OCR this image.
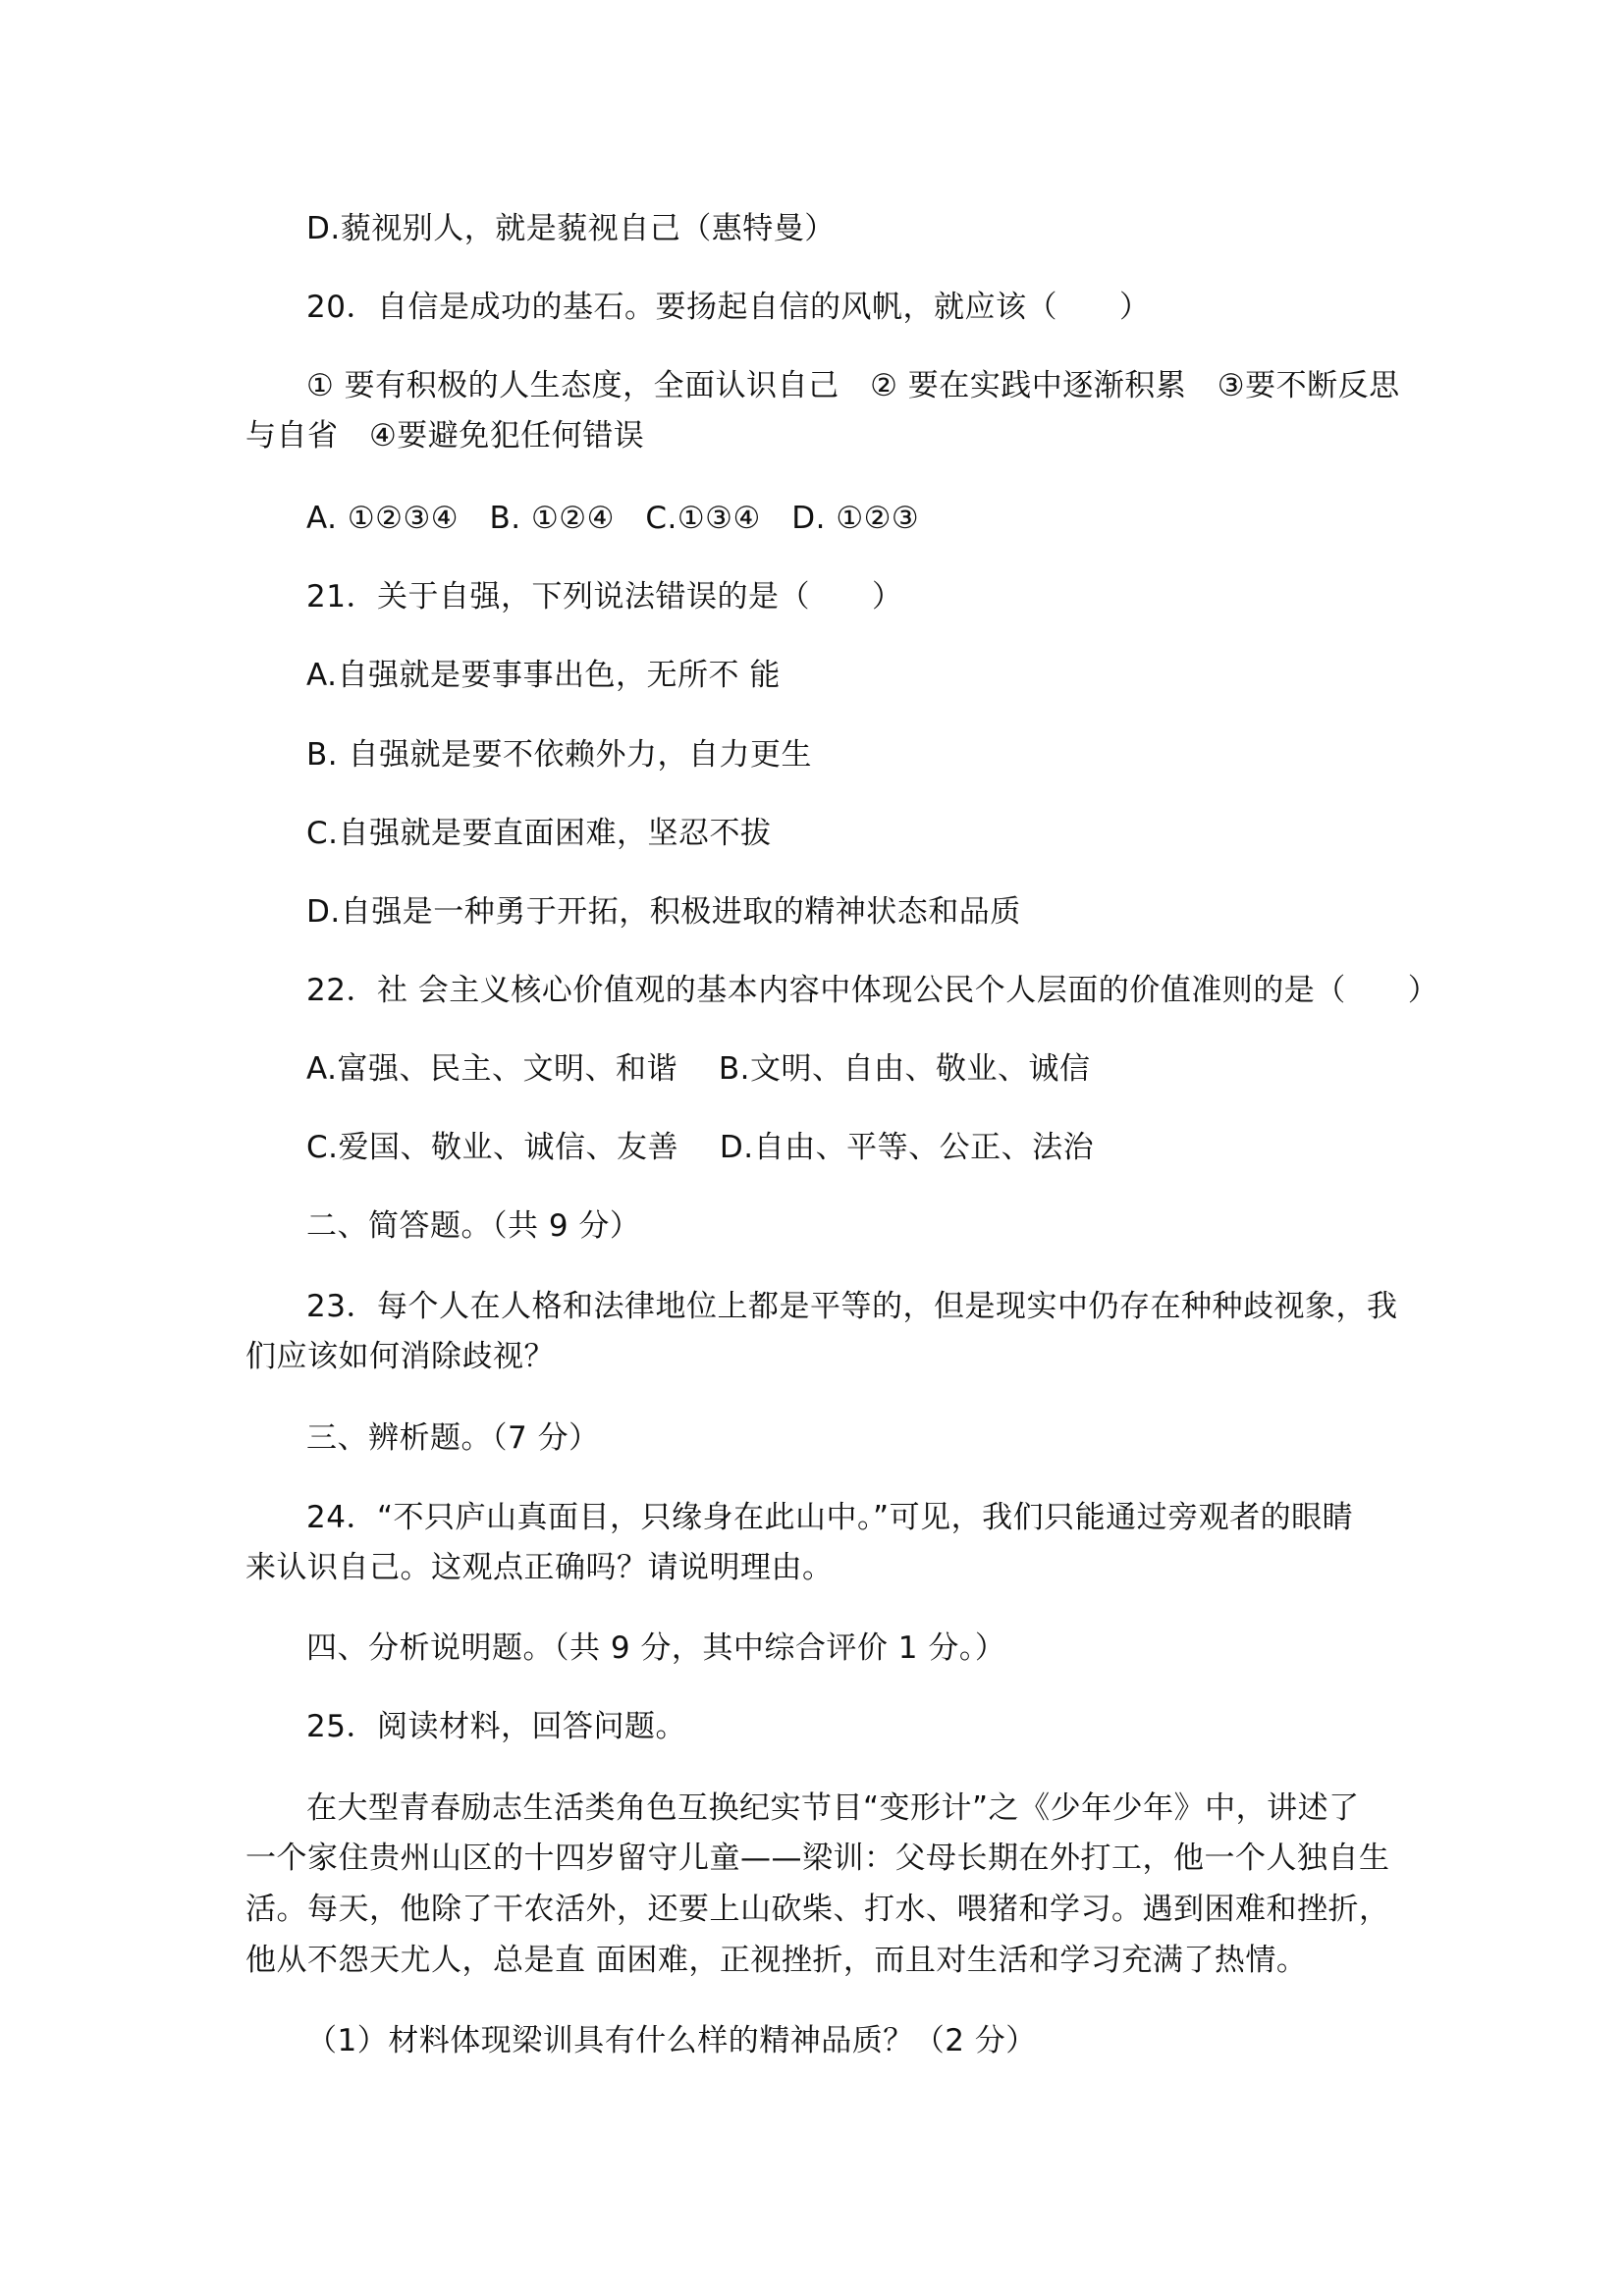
D.藐视别人，就是藐视自己（惠特曼）
20．自信是成功的基石。要扬起自信的风帆，就应该（　　）
① 要有积极的人生态度，全面认识自己　② 要在实践中逐渐积累　③要不断反思
与自省　④要避免犯任何错误
A. ①②③④　B. ①②④　C.①③④　D. ①②③
21．关于自强，下列说法错误的是（　　）
A.自强就是要事事出色，无所不 能
B. 自强就是要不依赖外力，自力更生
C.自强就是要直面困难，坚忍不拔
D.自强是一种勇于开拓，积极进取的精神状态和品质
22．社 会主义核心价值观的基本内容中体现公民个人层面的价值准则的是（　　）
A.富强、民主、文明、和谐　 B.文明、自由、敬业、诚信
C.爱国、敬业、诚信、友善　 D.自由、平等、公正、法治
二、简答题。（共 9 分）
23．每个人在人格和法律地位上都是平等的，但是现实中仍存在种种歧视象，我
们应该如何消除歧视？
三、辨析题。（7 分）
24．“不只庐山真面目，只缘身在此山中。”可见，我们只能通过旁观者的眼睛
来认识自己。这观点正确吗？请说明理由。
四、分析说明题。（共 9 分，其中综合评价 1 分。）
25．阅读材料，回答问题。
在大型青春励志生活类角色互换纪实节目“变形计”之《少年少年》中，讲述了
一个家住贵州山区的十四岁留守儿童——梁训：父母长期在外打工，他一个人独自生
活。每天，他除了干农活外，还要上山砍柴、打水、喂猪和学习。遇到困难和挫折，
他从不怨天尤人，总是直 面困难，正视挫折，而且对生活和学习充满了热情。
（1）材料体现梁训具有什么样的精神品质？（2 分）
